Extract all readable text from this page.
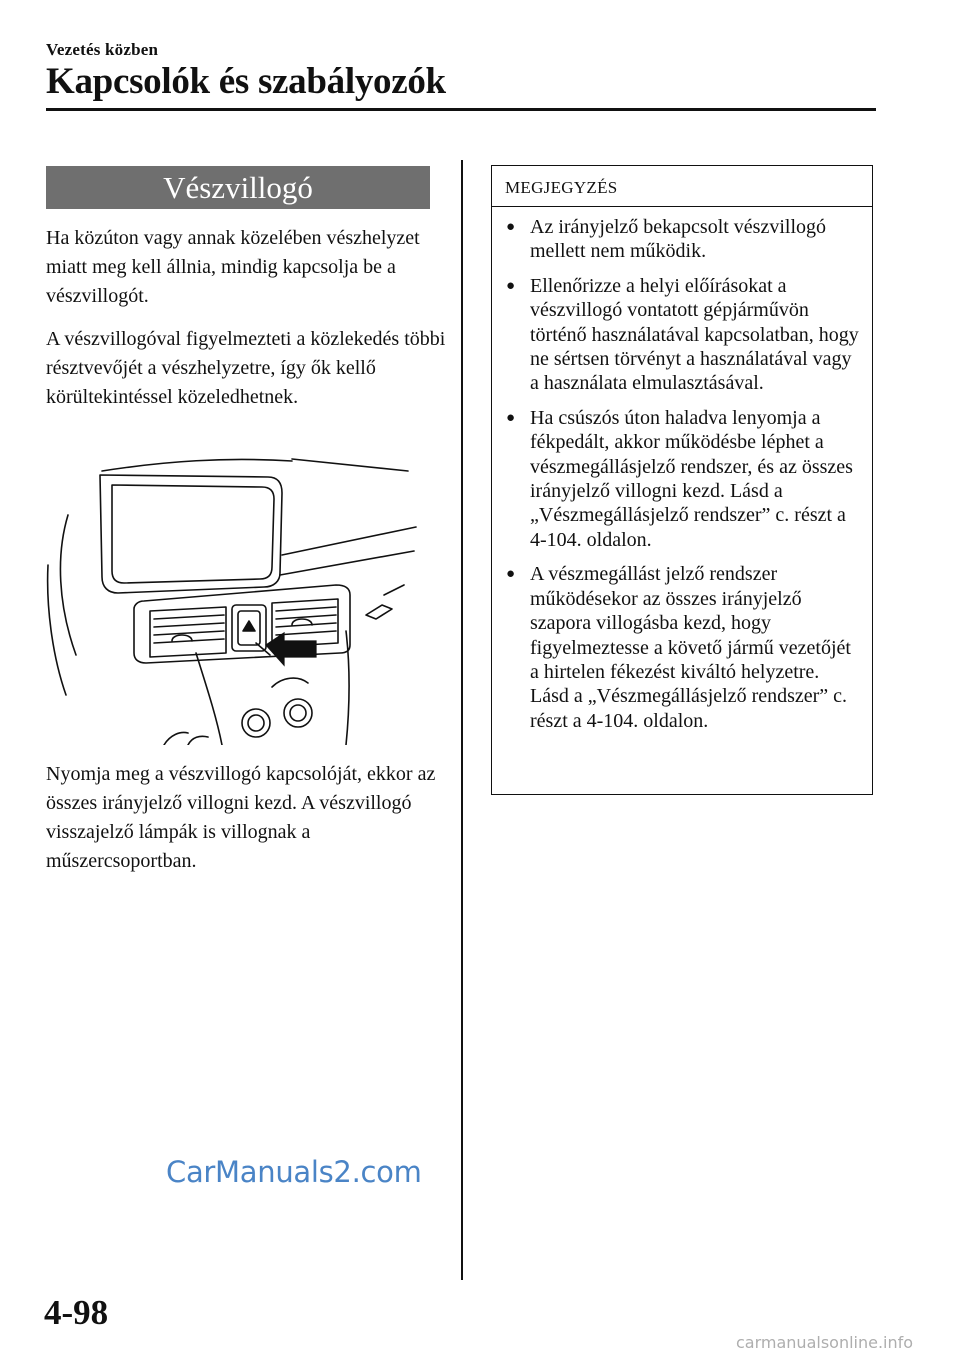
Vezetés közben
Kapcsolók és szabályozók
Vészvillogó

Ha közúton vagy annak közelében vészhelyzet miatt meg kell állnia, mindig kapcsolja be a vészvillogót.

A vészvillogóval figyelmezteti a közlekedés többi résztvevőjét a vészhelyzetre, így ők kellő körültekintéssel közeledhetnek.

Nyomja meg a vészvillogó kapcsolóját, ekkor az összes irányjelző villogni kezd. A vészvillogó visszajelző lámpák is villognak a műszercsoportban.

MEGJEGYZÉS
● Az irányjelző bekapcsolt vészvillogó mellett nem működik.
● Ellenőrizze a helyi előírásokat a vészvillogó vontatott gépjárművön történő használatával kapcsolatban, hogy ne sértsen törvényt a használatával vagy a használata elmulasztásával.
● Ha csúszós úton haladva lenyomja a fékpedált, akkor működésbe léphet a vészmegállásjelző rendszer, és az összes irányjelző villogni kezd. Lásd a „Vészmegállásjelző rendszer” c. részt a 4-104. oldalon.
● A vészmegállást jelző rendszer működésekor az összes irányjelző szapora villogásba kezd, hogy figyelmeztesse a követő jármű vezetőjét a hirtelen fékezést kiváltó helyzetre. Lásd a „Vészmegállásjelző rendszer” c. részt a 4-104. oldalon.
CarManuals2.com
4-98
carmanualsonline.info
